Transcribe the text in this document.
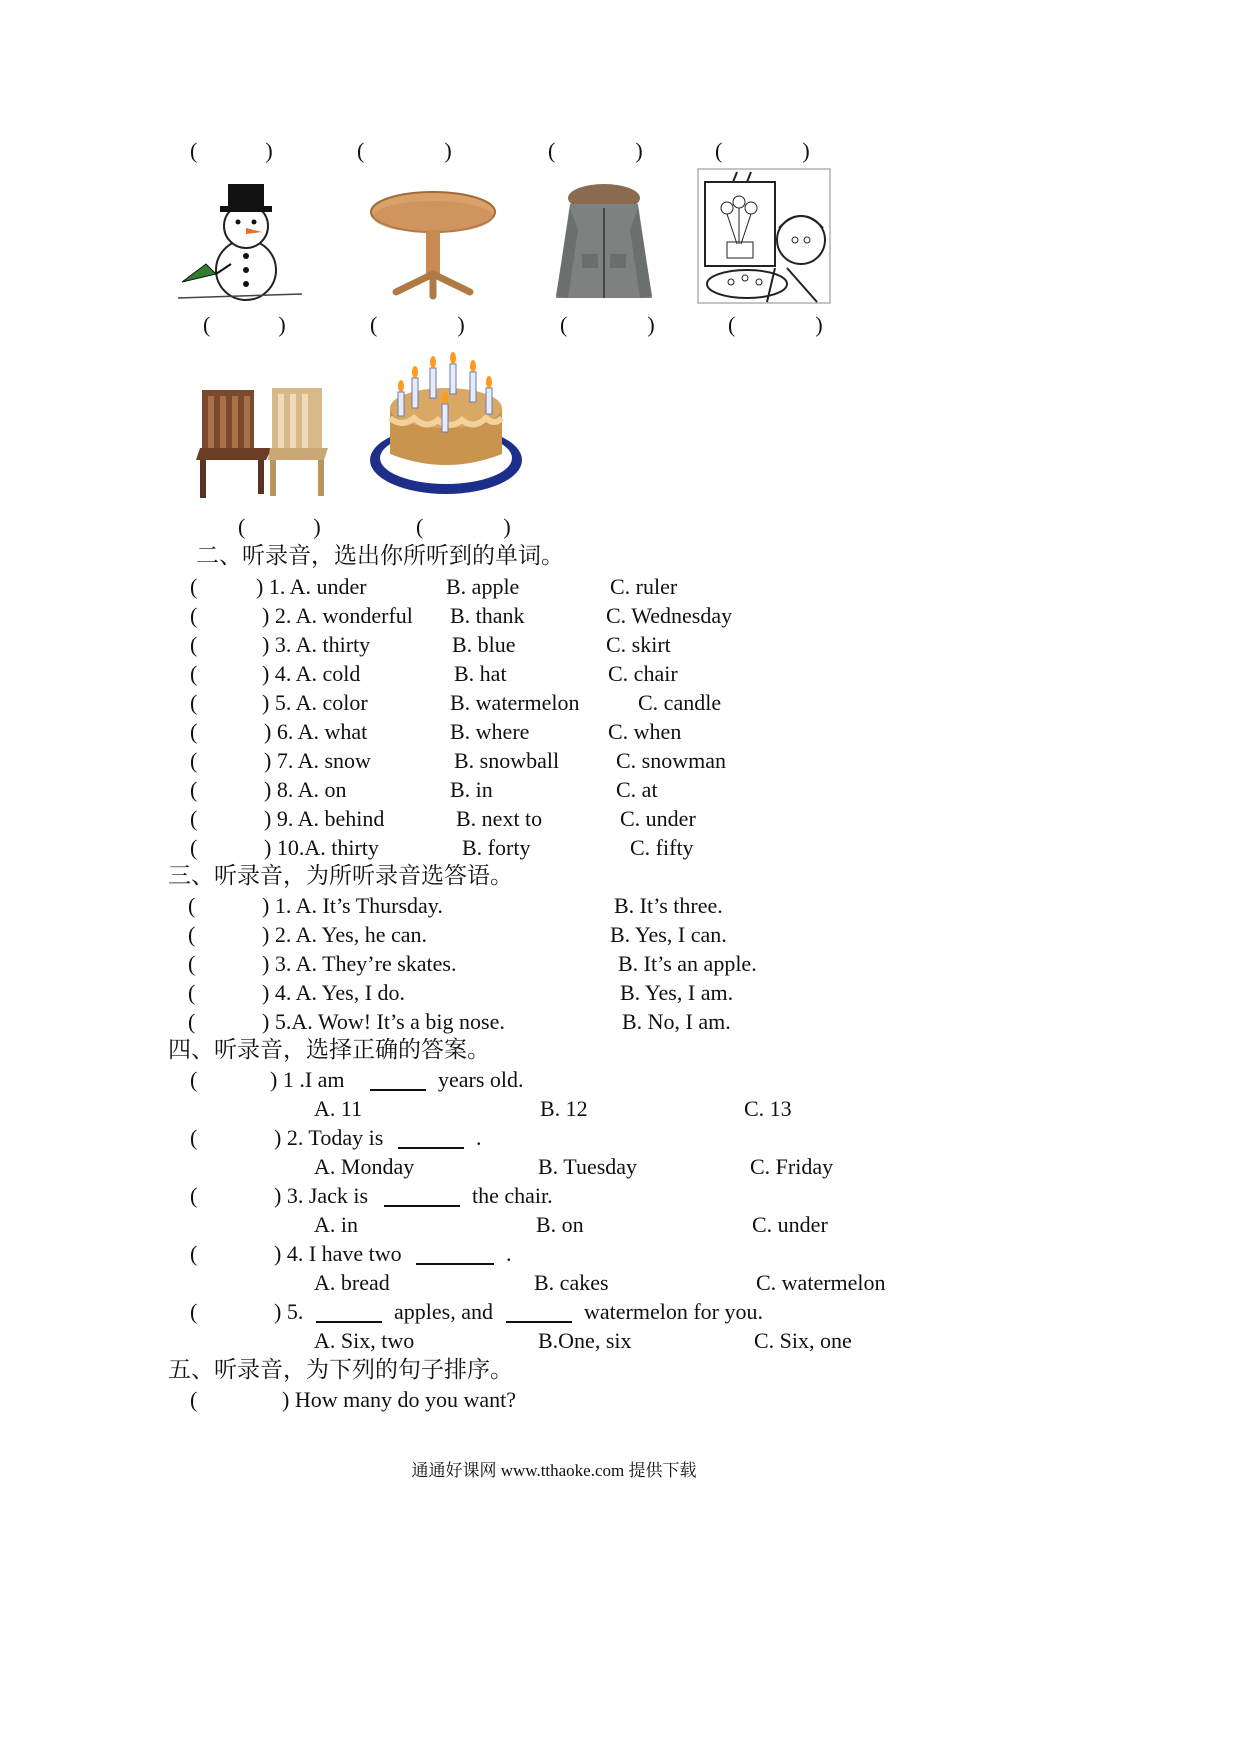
(	)	(	)	(	)	(	)
(	)	(	)	(	)	(	)
(	)	(	)
二、听录音，选出你所听到的单词。
(	) 1. A. under	B. apple	C. ruler
(	) 2. A. wonderful B. thank	C. Wednesday
(	) 3. A. thirty	B. blue	C. skirt
(	) 4. A. cold	B. hat	C. chair
(	) 5. A. color	B. watermelon	C. candle
(	) 6. A. what	B. where	C. when
(	) 7. A. snow	B. snowball	C. snowman
(	) 8. A. on	B. in	C. at
(	) 9. A. behind	B. next to	C. under
(	) 10.A. thirty	B. forty	C. fifty
三、听录音，为所听录音选答语。
(	) 1. A. It’s Thursday.	B. It’s three.
(	) 2. A. Yes, he can.	B. Yes, I can.
(	) 3. A. They’re skates.	B. It’s an apple.
(	) 4. A. Yes, I do.	B. Yes, I am.
(	) 5.A. Wow! It’s a big nose.	B. No, I am.
四、听录音，选择正确的答案。
(	) 1 .I am	years old.
A. 11	B. 12	C. 13
(	) 2. Today is	.
A. Monday	B. Tuesday	C. Friday
(	) 3. Jack is	the chair.
A. in	B. on	C. under
(	) 4. I have two	.
A. bread	B. cakes	C. watermelon
(	) 5.	apples, and	watermelon for you.
A. Six, two	B.One, six	C. Six, one
五、听录音，为下列的句子排序。
(	) How many do you want?
通通好课网 www.tthaoke.com 提供下载
